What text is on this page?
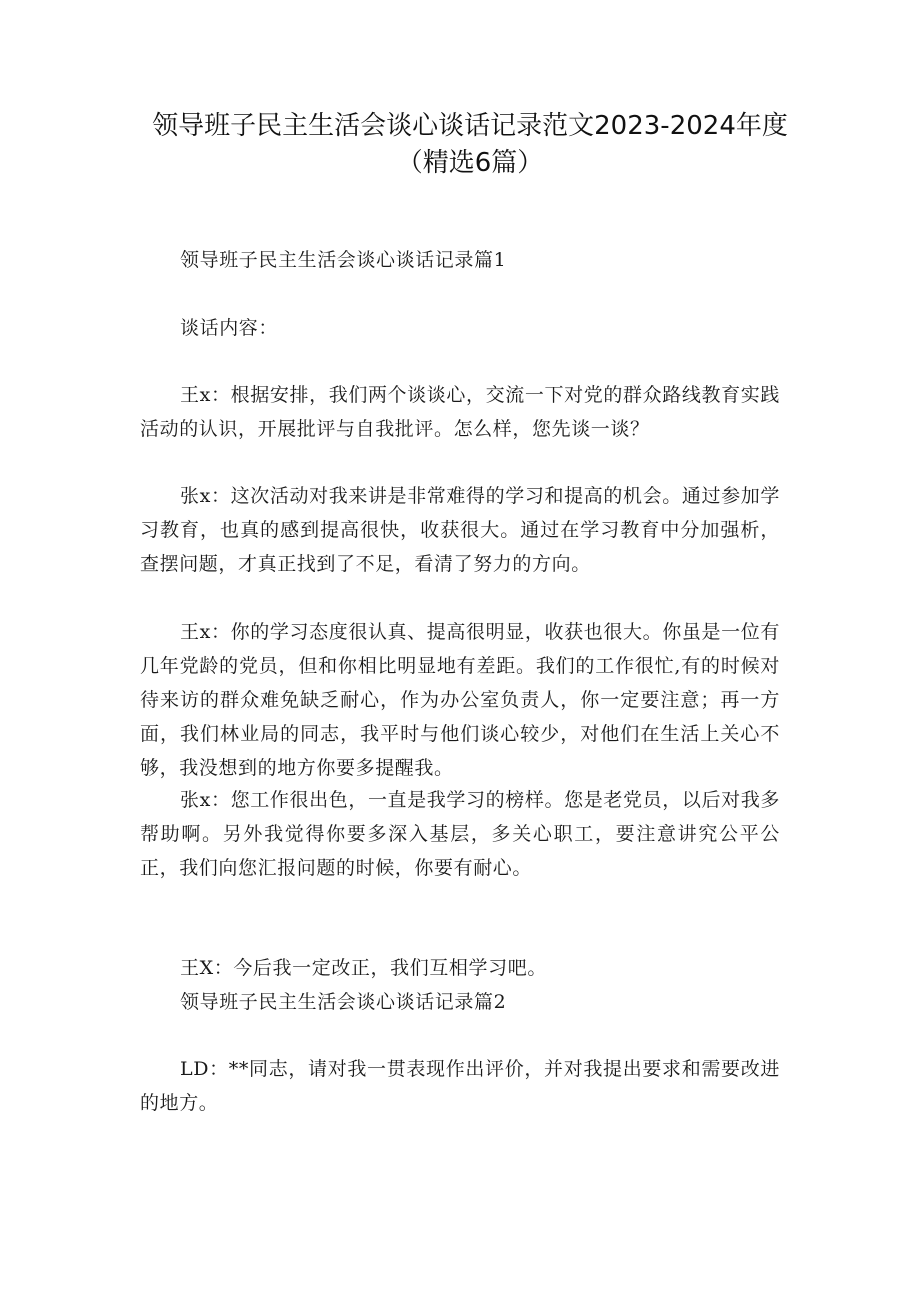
领导班子民主生活会谈心谈话记录范文2023-2024年度（精选6篇）

领导班子民主生活会谈心谈话记录篇1

谈话内容：

王x：根据安排，我们两个谈谈心，交流一下对党的群众路线教育实践活动的认识，开展批评与自我批评。怎么样，您先谈一谈？

张x：这次活动对我来讲是非常难得的学习和提高的机会。通过参加学习教育，也真的感到提高很快，收获很大。通过在学习教育中分加强析，查摆问题，才真正找到了不足，看清了努力的方向。

王x：你的学习态度很认真、提高很明显，收获也很大。你虽是一位有几年党龄的党员，但和你相比明显地有差距。我们的工作很忙,有的时候对待来访的群众难免缺乏耐心，作为办公室负责人，你一定要注意；再一方面，我们林业局的同志，我平时与他们谈心较少，对他们在生活上关心不够，我没想到的地方你要多提醒我。

张x：您工作很出色，一直是我学习的榜样。您是老党员，以后对我多帮助啊。另外我觉得你要多深入基层，多关心职工，要注意讲究公平公正，我们向您汇报问题的时候，你要有耐心。

王X：今后我一定改正，我们互相学习吧。

领导班子民主生活会谈心谈话记录篇2

LD：**同志，请对我一贯表现作出评价，并对我提出要求和需要改进的地方。
